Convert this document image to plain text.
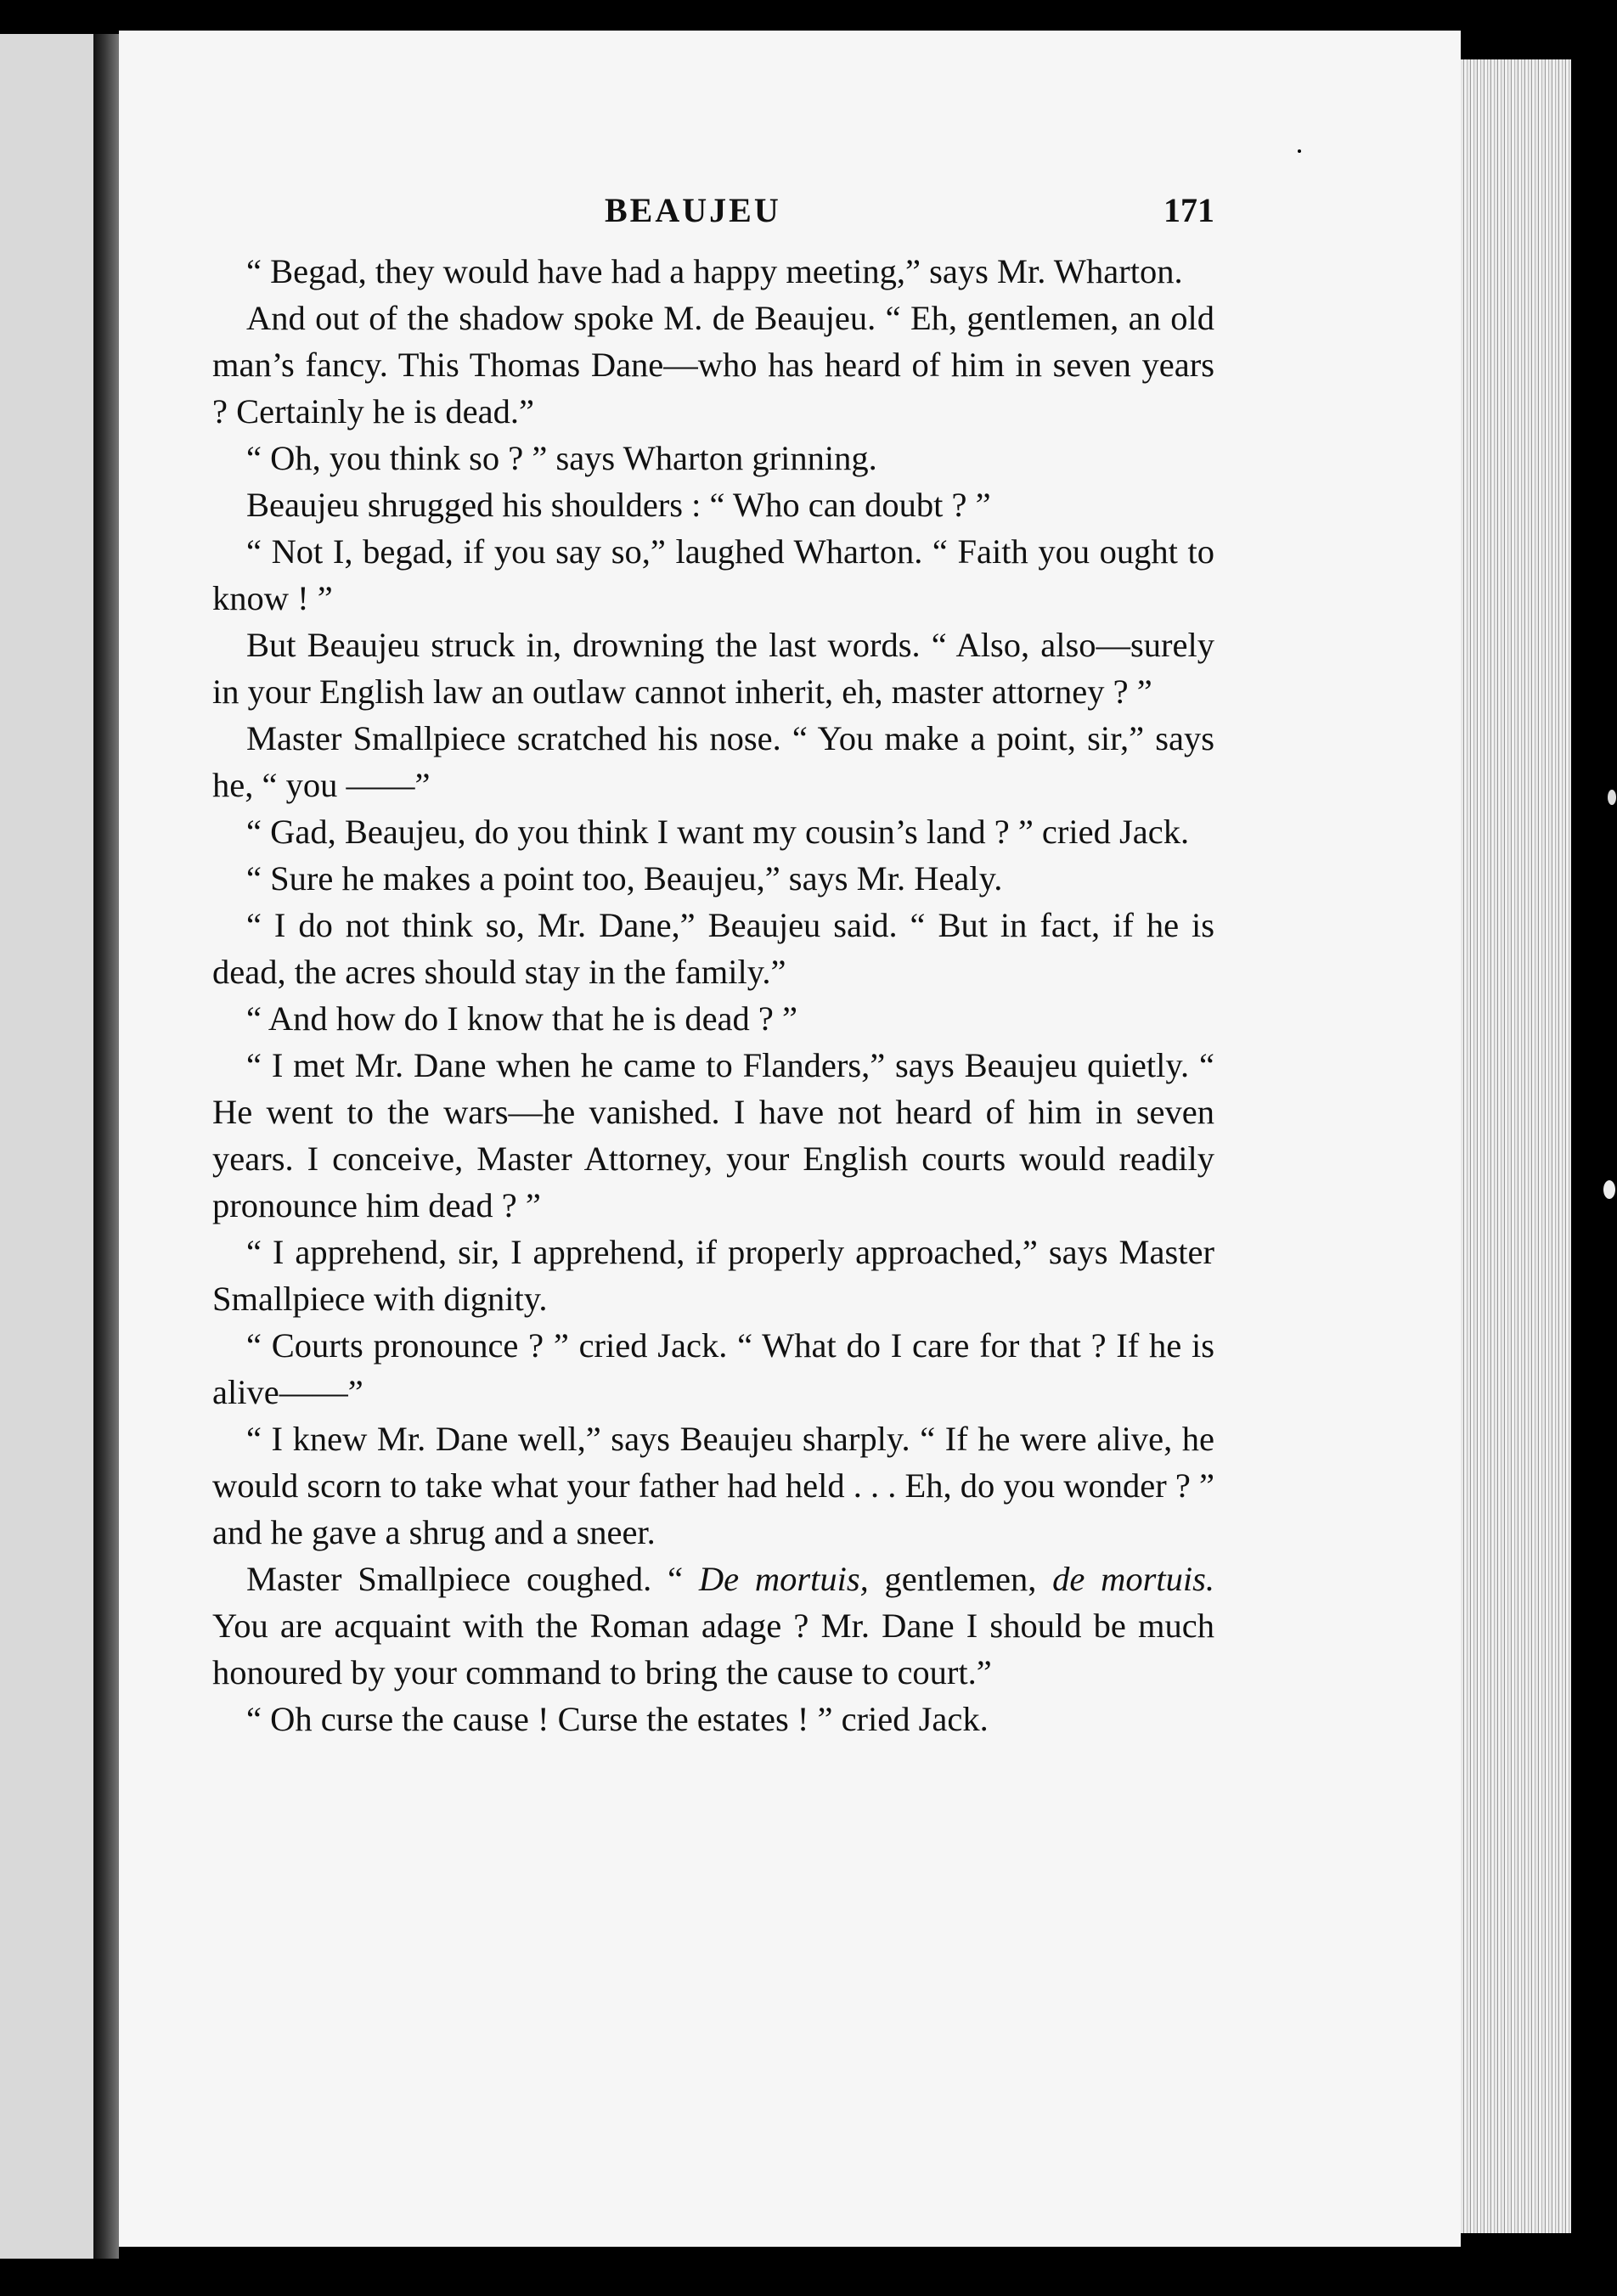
BEAUJEU	171

“ Begad, they would have had a happy meeting,” says Mr. Wharton.

And out of the shadow spoke M. de Beaujeu. “ Eh, gentlemen, an old man’s fancy. This Thomas Dane—who has heard of him in seven years ? Certainly he is dead.”

“ Oh, you think so ? ” says Wharton grinning.

Beaujeu shrugged his shoulders : “ Who can doubt ? ”

“ Not I, begad, if you say so,” laughed Wharton. “ Faith you ought to know ! ”

But Beaujeu struck in, drowning the last words. “ Also, also—surely in your English law an outlaw cannot inherit, eh, master attorney ? ”

Master Smallpiece scratched his nose. “ You make a point, sir,” says he, “ you ——”

“ Gad, Beaujeu, do you think I want my cousin’s land ? ” cried Jack.

“ Sure he makes a point too, Beaujeu,” says Mr. Healy.

“ I do not think so, Mr. Dane,” Beaujeu said. “ But in fact, if he is dead, the acres should stay in the family.”

“ And how do I know that he is dead ? ”

“ I met Mr. Dane when he came to Flanders,” says Beaujeu quietly. “ He went to the wars—he vanished. I have not heard of him in seven years. I conceive, Master Attorney, your English courts would readily pronounce him dead ? ”

“ I apprehend, sir, I apprehend, if properly approached,” says Master Smallpiece with dignity.

“ Courts pronounce ? ” cried Jack. “ What do I care for that ? If he is alive——”

“ I knew Mr. Dane well,” says Beaujeu sharply. “ If he were alive, he would scorn to take what your father had held . . . Eh, do you wonder ? ” and he gave a shrug and a sneer.

Master Smallpiece coughed. “ De mortuis, gentlemen, de mortuis. You are acquaint with the Roman adage ? Mr. Dane I should be much honoured by your command to bring the cause to court.”

“ Oh curse the cause ! Curse the estates ! ” cried Jack.
